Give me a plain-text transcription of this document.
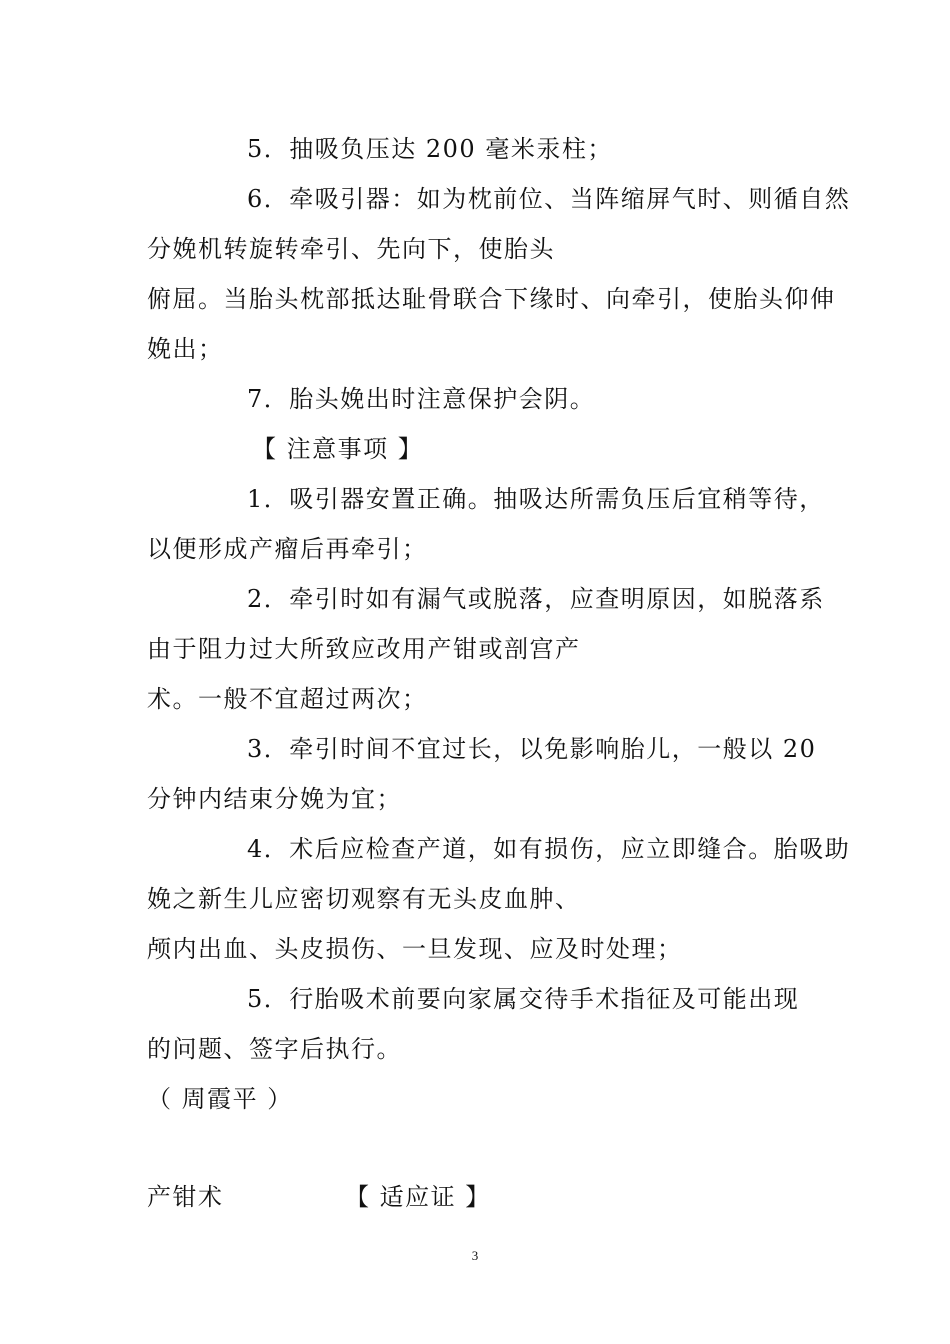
5．抽吸负压达 200 毫米汞柱；
6．牵吸引器：如为枕前位、当阵缩屏气时、则循自然
分娩机转旋转牵引、先向下，使胎头
俯屈。当胎头枕部抵达耻骨联合下缘时、向牵引，使胎头仰伸
娩出；
7．胎头娩出时注意保护会阴。
【 注意事项 】
1．吸引器安置正确。抽吸达所需负压后宜稍等待，
以便形成产瘤后再牵引；
2．牵引时如有漏气或脱落，应查明原因，如脱落系
由于阻力过大所致应改用产钳或剖宫产
术。一般不宜超过两次；
3．牵引时间不宜过长，以免影响胎儿，一般以 20
分钟内结束分娩为宜；
4．术后应检查产道，如有损伤，应立即缝合。胎吸助
娩之新生儿应密切观察有无头皮血肿、
颅内出血、头皮损伤、一旦发现、应及时处理；
5．行胎吸术前要向家属交待手术指征及可能出现
的问题、签字后执行。
（ 周霞平 ）
产钳术	【 适应证 】
3
